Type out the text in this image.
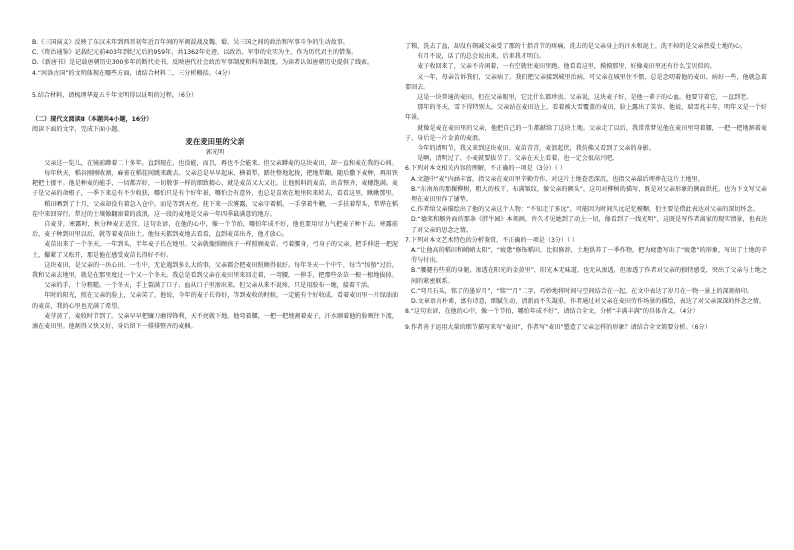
B.《三国演义》反映了东汉末年到西晋初年近百年间的军阀混战及魏、蜀、吴三国之间的政治和军事斗争的生动故事。

C.《资治通鉴》记载纪元前403年到纪元后的959年，共1362年史迹，以政治、军事的史实为主，作为历代君主的借鉴。

D.《新唐书》是记载唐朝历史300多年的断代史书，反映唐代社会政治军事制度和科举制度。为读者认知唐朝历史提供了线索。

4.“河洛古国”的文明体现在哪些方面，请结合材料二、三分析概括。（4分）

5.结合材料，请梳理华夏五千年文明得以证明的过程。（6分）

（二）现代文阅读Ⅱ（本题共4小题，16分）

阅读下面的文字，完成下面小题。

麦在麦田里的父亲

郭光明

父亲这一览儿，在镜前蹲着二十多年。直到现在，也没能，而且，再也不会能来。但父亲蹲麦的这块麦田，却一直和麦在我的心间。

每年秋天，稻谷刚刚收割，麻雀在稻茬间跳来跳去。父亲总是早早起床，横着犁，踏住整地起拢，把地犁翻。随后撒下麦种，再用铁耙把土搂平。他是种麦的能手，一切都弄好，一切敬事一样的细致精心，就是麦苗又大又壮。让他照料的麦苗，出苗整齐，麦穗饱满。麦子是父亲的命根子，一季下来总有不少收获，哪怕只是有个好年景，哪怕会有意外，也总是喜欢在地里转来转去，看看这里，瞅瞅那里。

稻田晒到了十月，父亲却没有着急入仓中，而是等到天亮。抚下来一次雾露，父亲守着稻，一手拿着牛鞭，一手扶着犁头，犁铧在稻茬中来回穿行，犁过的土壤像翻滚着的波浪，这一段的麦地是父亲一年四季最满意的地方。

自麦芽，寒露时，秋分种麦正适宜。这句农谚，在他的心中，像一个节拍，哪怕年成不好，他也要用尽力气把麦子种下去。寒露前后，麦子种到田里以后，就等着麦苗出土。他每天都到麦地去看看，直到麦苗出齐，他才放心。

麦苗出来了一个冬天，一年到头，半年麦子长在地里。父亲就像照顾孩子一样照顾麦苗。弓着腰身，弓身子的父亲，把手伸进一把泥土，攥紧了又松开，那是他在感受麦苗长得好不好。

这块麦田，是父亲的一块心田。一生中，无论遇到多么大的事，父亲都会把麦田照顾得很好。每年冬天一个中午，每当“惊蛰”过后，我和父亲去地里，就是在那里度过一个又一个冬天。我总是看到父亲在麦田里来回走着，一弯腰，一伸手，把那些杂草一根一根地拔掉。

父亲的手，十分粗糙。一个冬天，手上裂满了口子，血从口子里渗出来。但父亲从来不说疼，只是用胶布一缠，接着干活。

年时的阳光，照在父亲的脸上，父亲笑了，他说，今年的麦子长得好，等到麦收的时候，一定能有个好收成。看着麦田里一片绿油油的麦苗，我的心里也充满了希望。

麦芽黄了，麦收时节到了。父亲早早把镰刀磨得锋利，天不亮就下地。他弯着腰，一把一把地割着麦子，汗水顺着他的脸颊往下流，滴在麦田里。他割得又快又好，身后留下一排排整齐的麦捆。

了粮，洗去了盆，却没有剃减父亲受了那的十指青节的疼痛，洗去的是父亲身上的汗水和泥土，洗不掉的是父亲热爱土地的心。

有月不说，话了的总会说出来，后来我才明白。

麦子收回来了，父亲不肯闲着，一有空就往麦田里跑。他看看这里，摸摸那里，好像麦田里还有什么宝贝似的。

又一年，母亲告诉我们，父亲病了。我们把父亲接到城里治病，可父亲在城里住不惯，总是念叨着他的麦田。病好一些，他就急着要回去。

这是一块普通的麦田，但在父亲眼里，它比什么都珍贵。父亲说，这块麦子好，是他一辈子的心血。他要守着它，一直到老。

那年的冬天，雪下得特别大。父亲站在麦田边上，看着被大雪覆盖的麦田，脸上露出了笑容。他说，瑞雪兆丰年，明年又是一个好年景。

就像是麦在麦田里的父亲，他把自己的一生都献给了这块土地。父亲走了以后，我常常梦见他在麦田里弯着腰，一把一把地割着麦子，身后是一片金黄的麦浪。

今年的清明节，我又来到这块麦田。麦苗青青，麦浪起伏，我仿佛又看到了父亲的身影。

是啊，清明过了，小麦就要拔节了。父亲在天上看着，也一定会很高兴吧。

6.下列对本文相关内容的理解，不正确的一项是（3分）（ ）

A.文题中“麦”内涵丰富，指父亲在麦田里辛勤劳作，对这片土地眷恋深沉，也指父亲最后埋葬在这片土地里。

B.“东南角的那棵柳树，粗大的枝干，布满皱纹，像父亲的额头”，这句对柳树的描写，既是对父亲形象的侧面烘托，也为下文写父亲埋在麦田里作了铺垫。

C.作者给父亲描绘出了他的父亲这个人物：“不知走了多远”，可能因为时间久远记忆模糊，但主要是借此表达对父亲的深切怀念。

D.“德来和顺外面的那条《胖牛园》本领画，许久才见她到了动上一切，像看到了一线光明”，这既是写作者离家的现实情景，也表达了对父亲的思念之情。

7.下列对本文艺术特色的分析鉴赏，不正确的一项是（3分）（ ）

A.“让他高的稻田和峭峭太阳”，“疲惫”修饰稻田，比拟修辞，土地供养了一季作物，把为疲惫写出了“疲惫”的形象，写出了土地的辛劳与付出。

B.“腰腿有些重的身躯，渗透在阳光的金黄里”，阳光本无味道，也无从渗透，但渗透了作者对父亲的独特感受，突出了父亲与土地之间的紧密联系。

C.“弯月石头，铭了的墨岁月”，“铭”“月”二字，巧妙地将时间与空间结合在一起，在文中表达了岁月在一物一景上的深刻烙印。

D.文章语言朴素，富有诗意，细腻生动，清新而不失凝重，作者通过对父亲在麦田劳作场景的描绘，表达了对父亲深深的怀念之情。

8.“这句农谚，在他的心中，像一个节拍，哪怕年成不好”，请结合全文，分析“丰满丰满”的具体含义。（4分）

9.作者善于运用大量的细节描写来写“麦田”，作者写“麦田”塑造了父亲怎样的形象？请结合全文简要分析。（6分）
